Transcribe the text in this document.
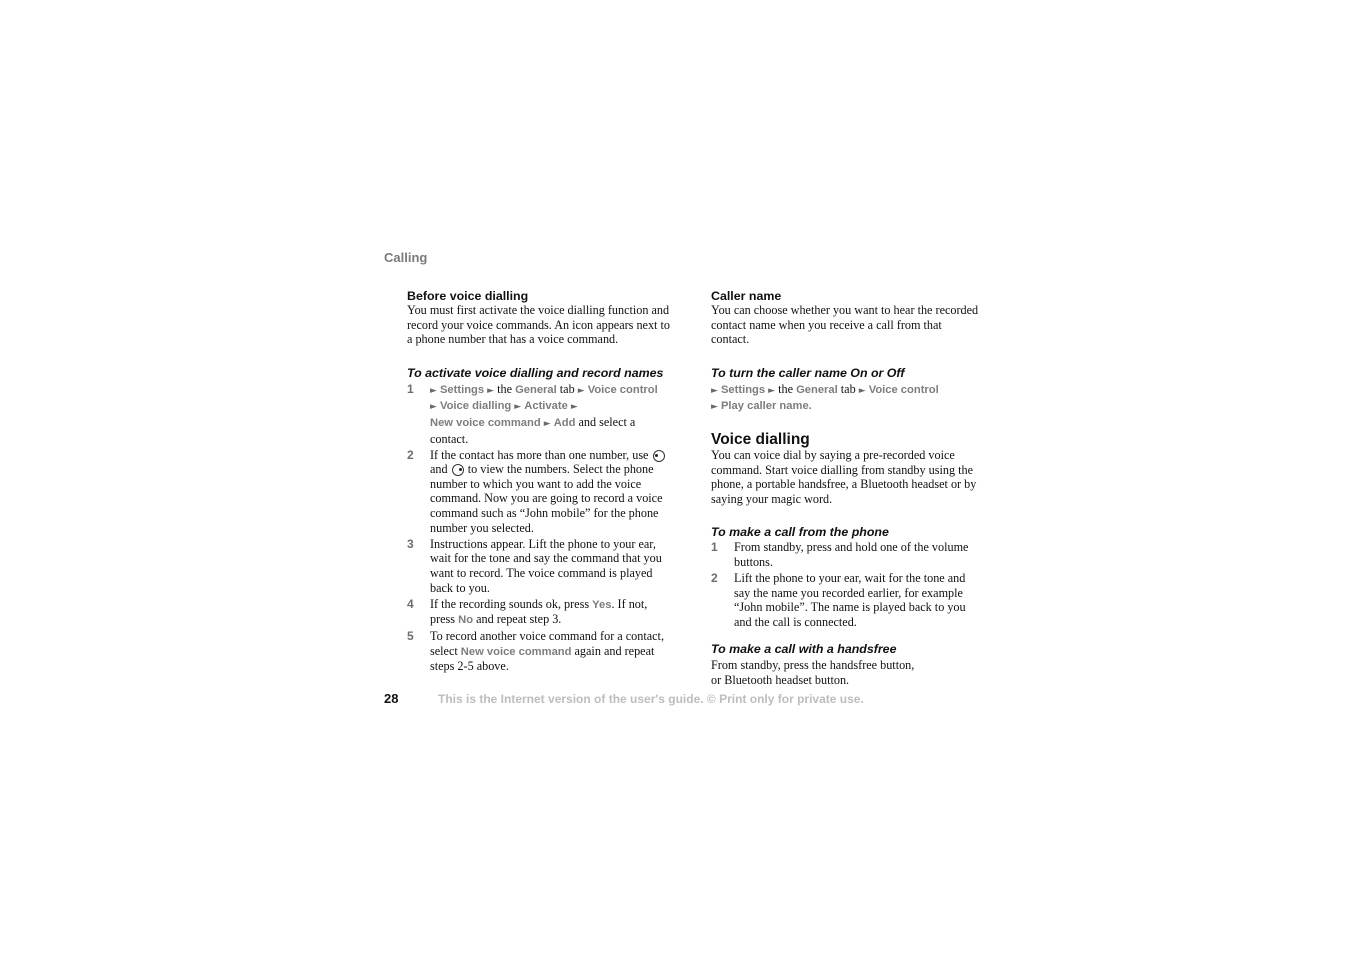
Calling

Before voice dialling

You must first activate the voice dialling function and record your voice commands. An icon appears next to a phone number that has a voice command.

To activate voice dialling and record names

1 ► Settings ► the General tab ► Voice control
► Voice dialling ► Activate ►
New voice command ► Add and select a contact.
2 If the contact has more than one number, use  and to view the numbers. Select the phone number to which you want to add the voice command. Now you are going to record a voice command such as “John mobile” for the phone number you selected.
3 Instructions appear. Lift the phone to your ear, wait for the tone and say the command that you want to record. The voice command is played back to you.
4 If the recording sounds ok, press Yes. If not, press No and repeat step 3.
5 To record another voice command for a contact, select New voice command again and repeat steps 2-5 above.

Caller name

You can choose whether you want to hear the recorded contact name when you receive a call from that contact.

To turn the caller name On or Off

► Settings ► the General tab ► Voice control
► Play caller name.

Voice dialling

You can voice dial by saying a pre-recorded voice command. Start voice dialling from standby using the phone, a portable handsfree, a Bluetooth headset or by saying your magic word.

To make a call from the phone

1 From standby, press and hold one of the volume buttons.
2 Lift the phone to your ear, wait for the tone and say the name you recorded earlier, for example “John mobile”. The name is played back to you and the call is connected.

To make a call with a handsfree

From standby, press the handsfree button,
or Bluetooth headset button.

28	This is the Internet version of the user's guide. © Print only for private use.
